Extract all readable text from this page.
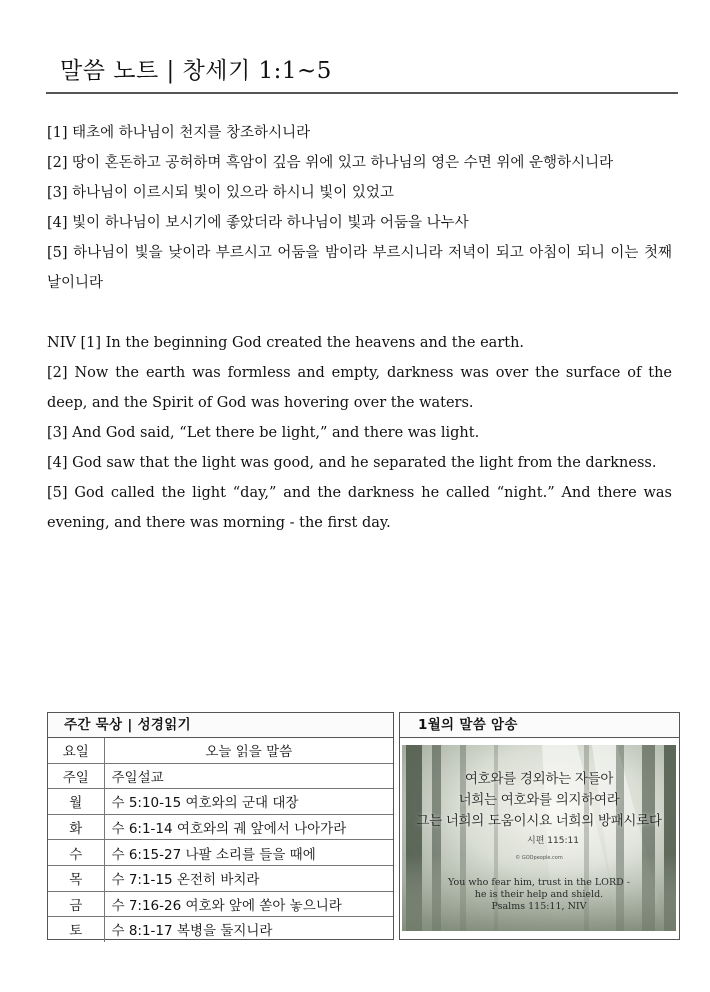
말씀 노트 | 창세기 1:1~5

[1] 태초에 하나님이 천지를 창조하시니라

[2] 땅이 혼돈하고 공허하며 흑암이 깊음 위에 있고 하나님의 영은 수면 위에 운행하시니라

[3] 하나님이 이르시되 빛이 있으라 하시니 빛이 있었고

[4] 빛이 하나님이 보시기에 좋았더라 하나님이 빛과 어둠을 나누사

[5] 하나님이 빛을 낮이라 부르시고 어둠을 밤이라 부르시니라 저녁이 되고 아침이 되니 이는 첫째 날이니라

NIV [1] In the beginning God created the heavens and the earth.

[2] Now the earth was formless and empty, darkness was over the surface of the deep, and the Spirit of God was hovering over the waters.

[3] And God said, “Let there be light,” and there was light.

[4] God saw that the light was good, and he separated the light from the darkness.

[5] God called the light “day,” and the darkness he called “night.” And there was evening, and there was morning - the first day.

주간 묵상 | 성경읽기
요일	오늘 읽을 말씀
주일	주일설교
월	수 5:10-15 여호와의 군대 대장
화	수 6:1-14 여호와의 궤 앞에서 나아가라
수	수 6:15-27 나팔 소리를 들을 때에
목	수 7:1-15 온전히 바치라
금	수 7:16-26 여호와 앞에 쏟아 놓으니라
토	수 8:1-17 복병을 둘지니라
1월의 말씀 암송
여호와를 경외하는 자들아
너희는 여호와를 의지하여라
그는 너희의 도움이시요 너희의 방패시로다
시편 115:11
© GODpeople.com
You who fear him, trust in the LORD -
he is their help and shield.
Psalms 115:11, NIV
